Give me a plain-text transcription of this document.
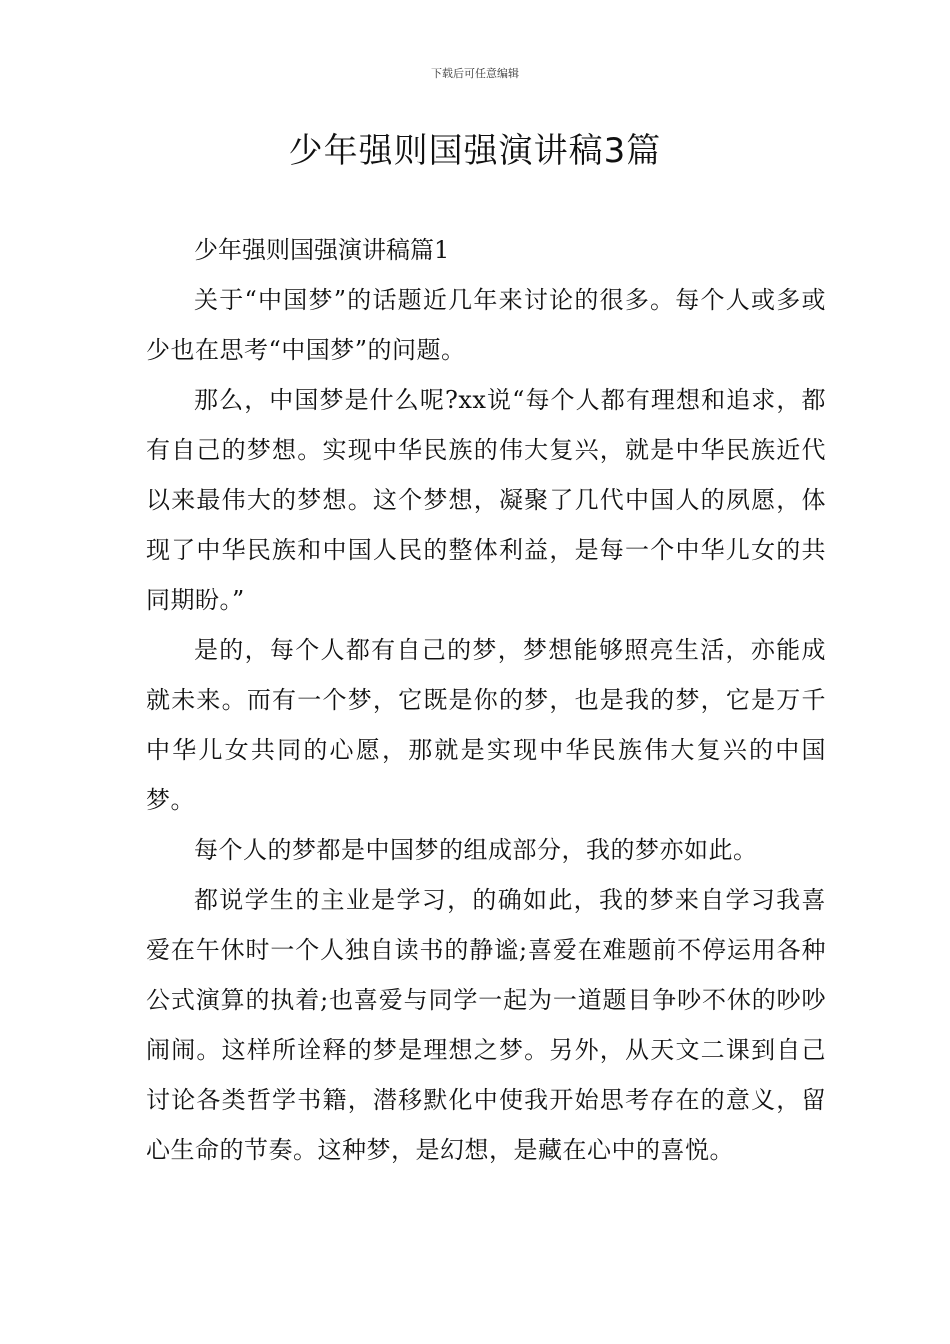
下载后可任意编辑
少年强则国强演讲稿3篇

少年强则国强演讲稿篇1

关于“中国梦”的话题近几年来讨论的很多。每个人或多或少也在思考“中国梦”的问题。

那么，中国梦是什么呢?xx说“每个人都有理想和追求，都有自己的梦想。实现中华民族的伟大复兴，就是中华民族近代以来最伟大的梦想。这个梦想，凝聚了几代中国人的夙愿，体现了中华民族和中国人民的整体利益，是每一个中华儿女的共同期盼。”

是的，每个人都有自己的梦，梦想能够照亮生活，亦能成就未来。而有一个梦，它既是你的梦，也是我的梦，它是万千中华儿女共同的心愿，那就是实现中华民族伟大复兴的中国梦。

每个人的梦都是中国梦的组成部分，我的梦亦如此。

都说学生的主业是学习，的确如此，我的梦来自学习我喜爱在午休时一个人独自读书的静谧;喜爱在难题前不停运用各种公式演算的执着;也喜爱与同学一起为一道题目争吵不休的吵吵闹闹。这样所诠释的梦是理想之梦。另外，从天文二课到自己讨论各类哲学书籍，潜移默化中使我开始思考存在的意义，留心生命的节奏。这种梦，是幻想，是藏在心中的喜悦。
